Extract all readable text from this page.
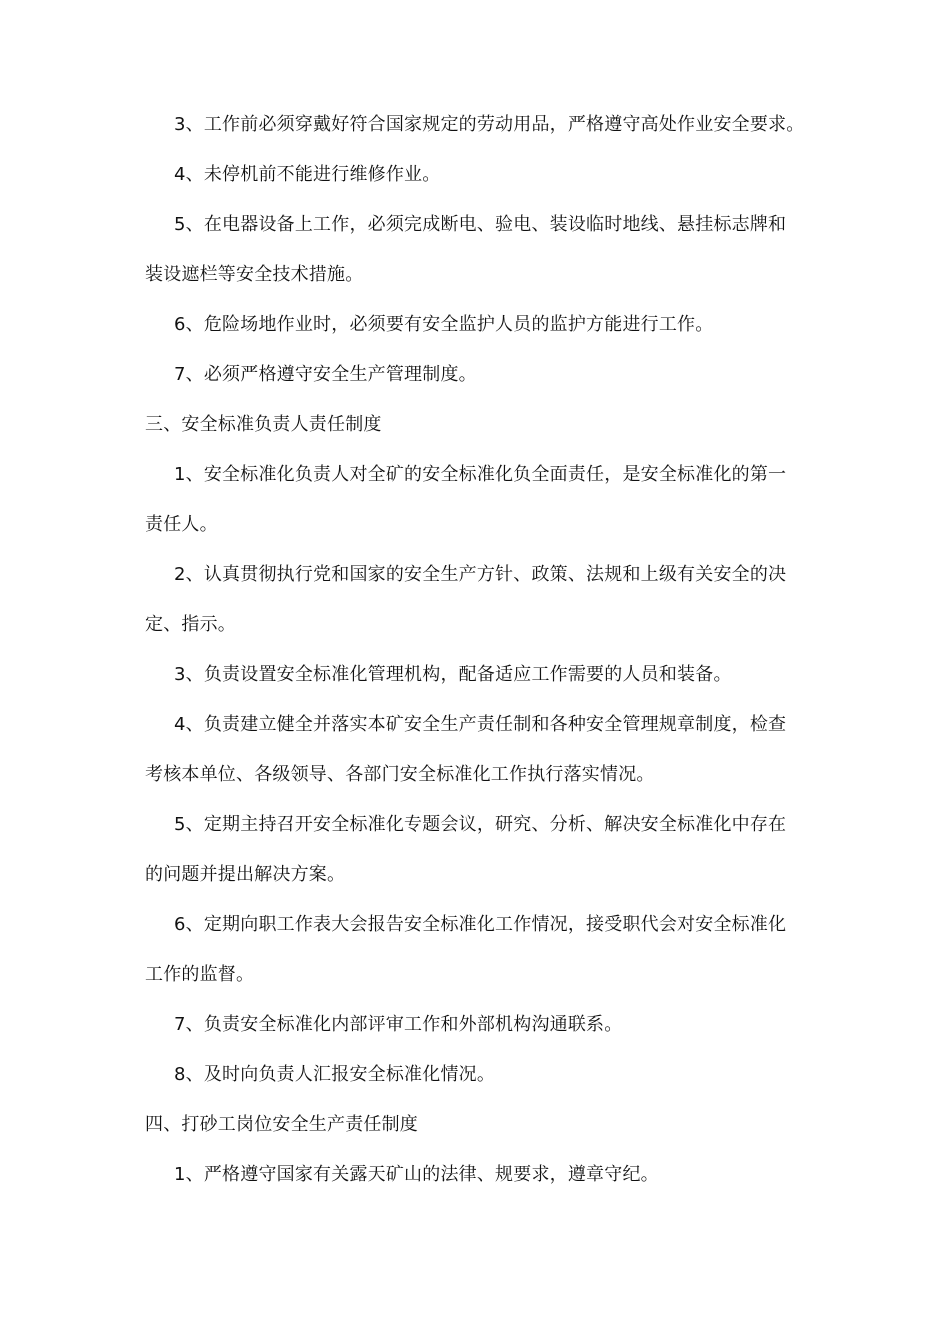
3、工作前必须穿戴好符合国家规定的劳动用品，严格遵守高处作业安全要求。
4、未停机前不能进行维修作业。
5、在电器设备上工作，必须完成断电、验电、装设临时地线、悬挂标志牌和
装设遮栏等安全技术措施。
6、危险场地作业时，必须要有安全监护人员的监护方能进行工作。
7、必须严格遵守安全生产管理制度。
三、安全标准负责人责任制度
1、安全标准化负责人对全矿的安全标准化负全面责任，是安全标准化的第一
责任人。
2、认真贯彻执行党和国家的安全生产方针、政策、法规和上级有关安全的决
定、指示。
3、负责设置安全标准化管理机构，配备适应工作需要的人员和装备。
4、负责建立健全并落实本矿安全生产责任制和各种安全管理规章制度，检查
考核本单位、各级领导、各部门安全标准化工作执行落实情况。
5、定期主持召开安全标准化专题会议，研究、分析、解决安全标准化中存在
的问题并提出解决方案。
6、定期向职工作表大会报告安全标准化工作情况，接受职代会对安全标准化
工作的监督。
7、负责安全标准化内部评审工作和外部机构沟通联系。
8、及时向负责人汇报安全标准化情况。
四、打砂工岗位安全生产责任制度
1、严格遵守国家有关露天矿山的法律、规要求，遵章守纪。
